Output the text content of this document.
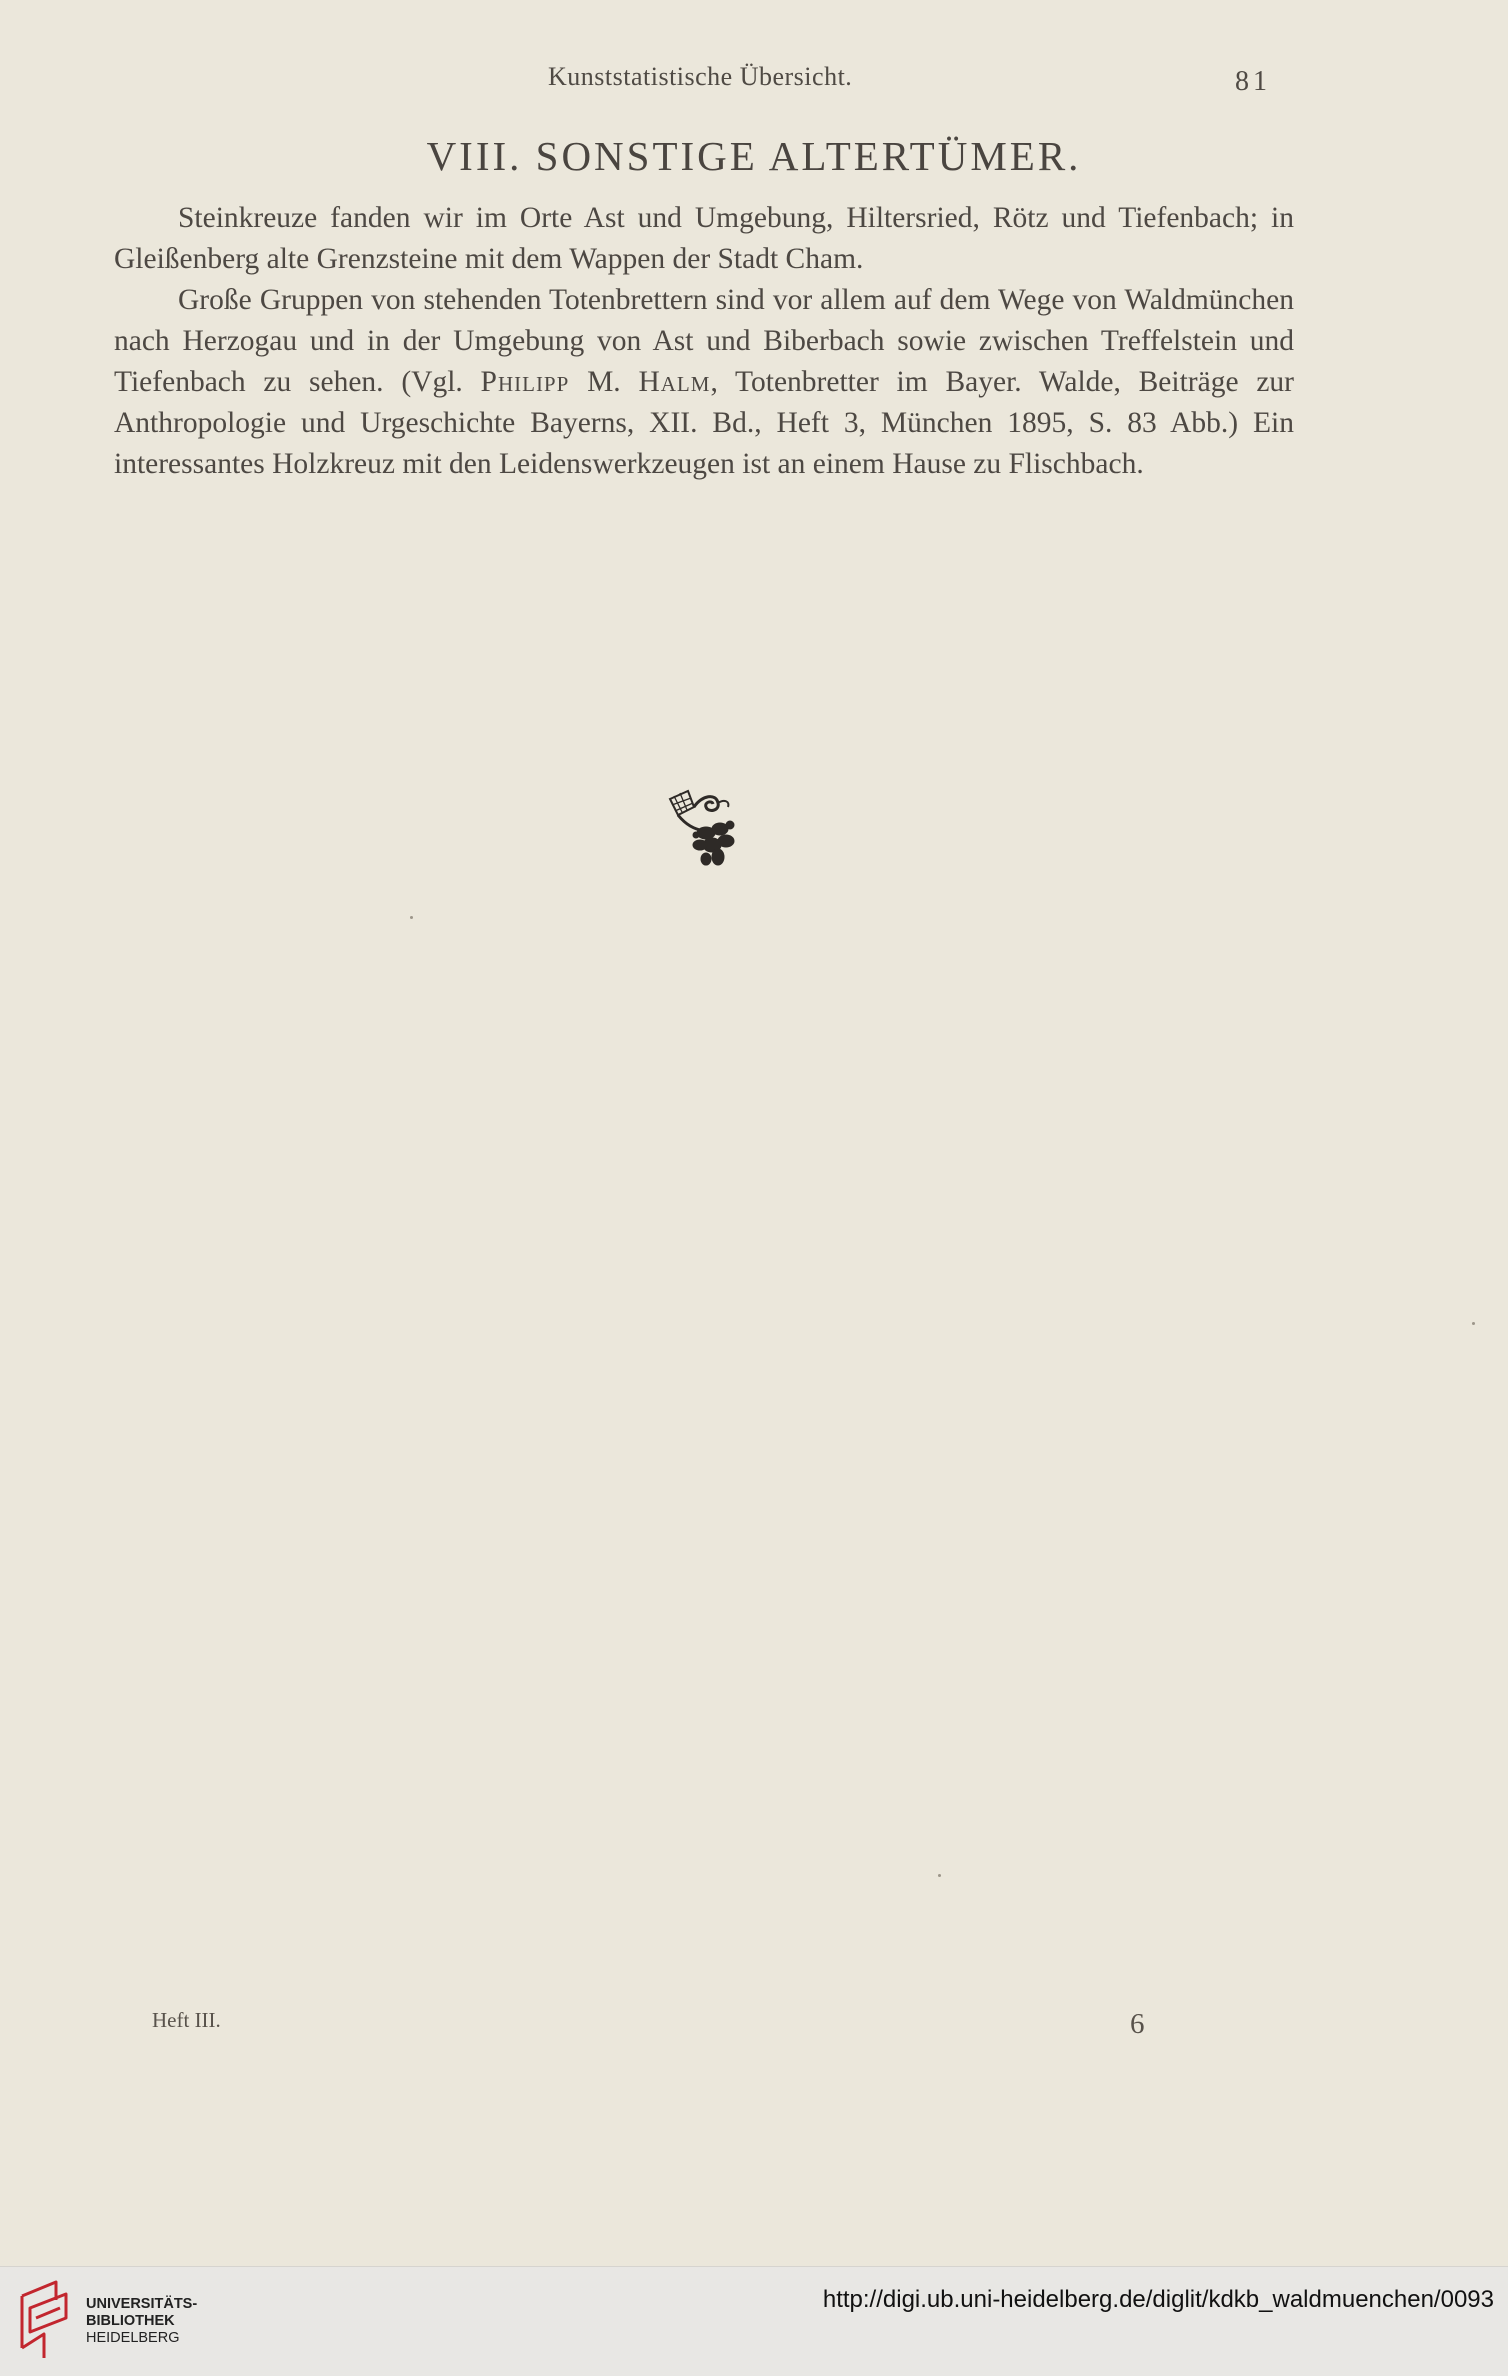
Kunststatistische Übersicht.	81
VIII. SONSTIGE ALTERTÜMER.

Steinkreuze fanden wir im Orte Ast und Umgebung, Hiltersried, Rötz und Tiefenbach; in Gleißenberg alte Grenzsteine mit dem Wappen der Stadt Cham.

Große Gruppen von stehenden Totenbrettern sind vor allem auf dem Wege von Waldmünchen nach Herzogau und in der Umgebung von Ast und Biberbach sowie zwischen Treffelstein und Tiefenbach zu sehen. (Vgl. Philipp M. Halm, Totenbretter im Bayer. Walde, Beiträge zur Anthropologie und Urgeschichte Bayerns, XII. Bd., Heft 3, München 1895, S. 83 Abb.) Ein interessantes Holzkreuz mit den Leidenswerkzeugen ist an einem Hause zu Flischbach.

Heft III.	6
UNIVERSITÄTS-
BIBLIOTHEK
HEIDELBERG
http://digi.ub.uni-heidelberg.de/diglit/kdkb_waldmuenchen/0093
